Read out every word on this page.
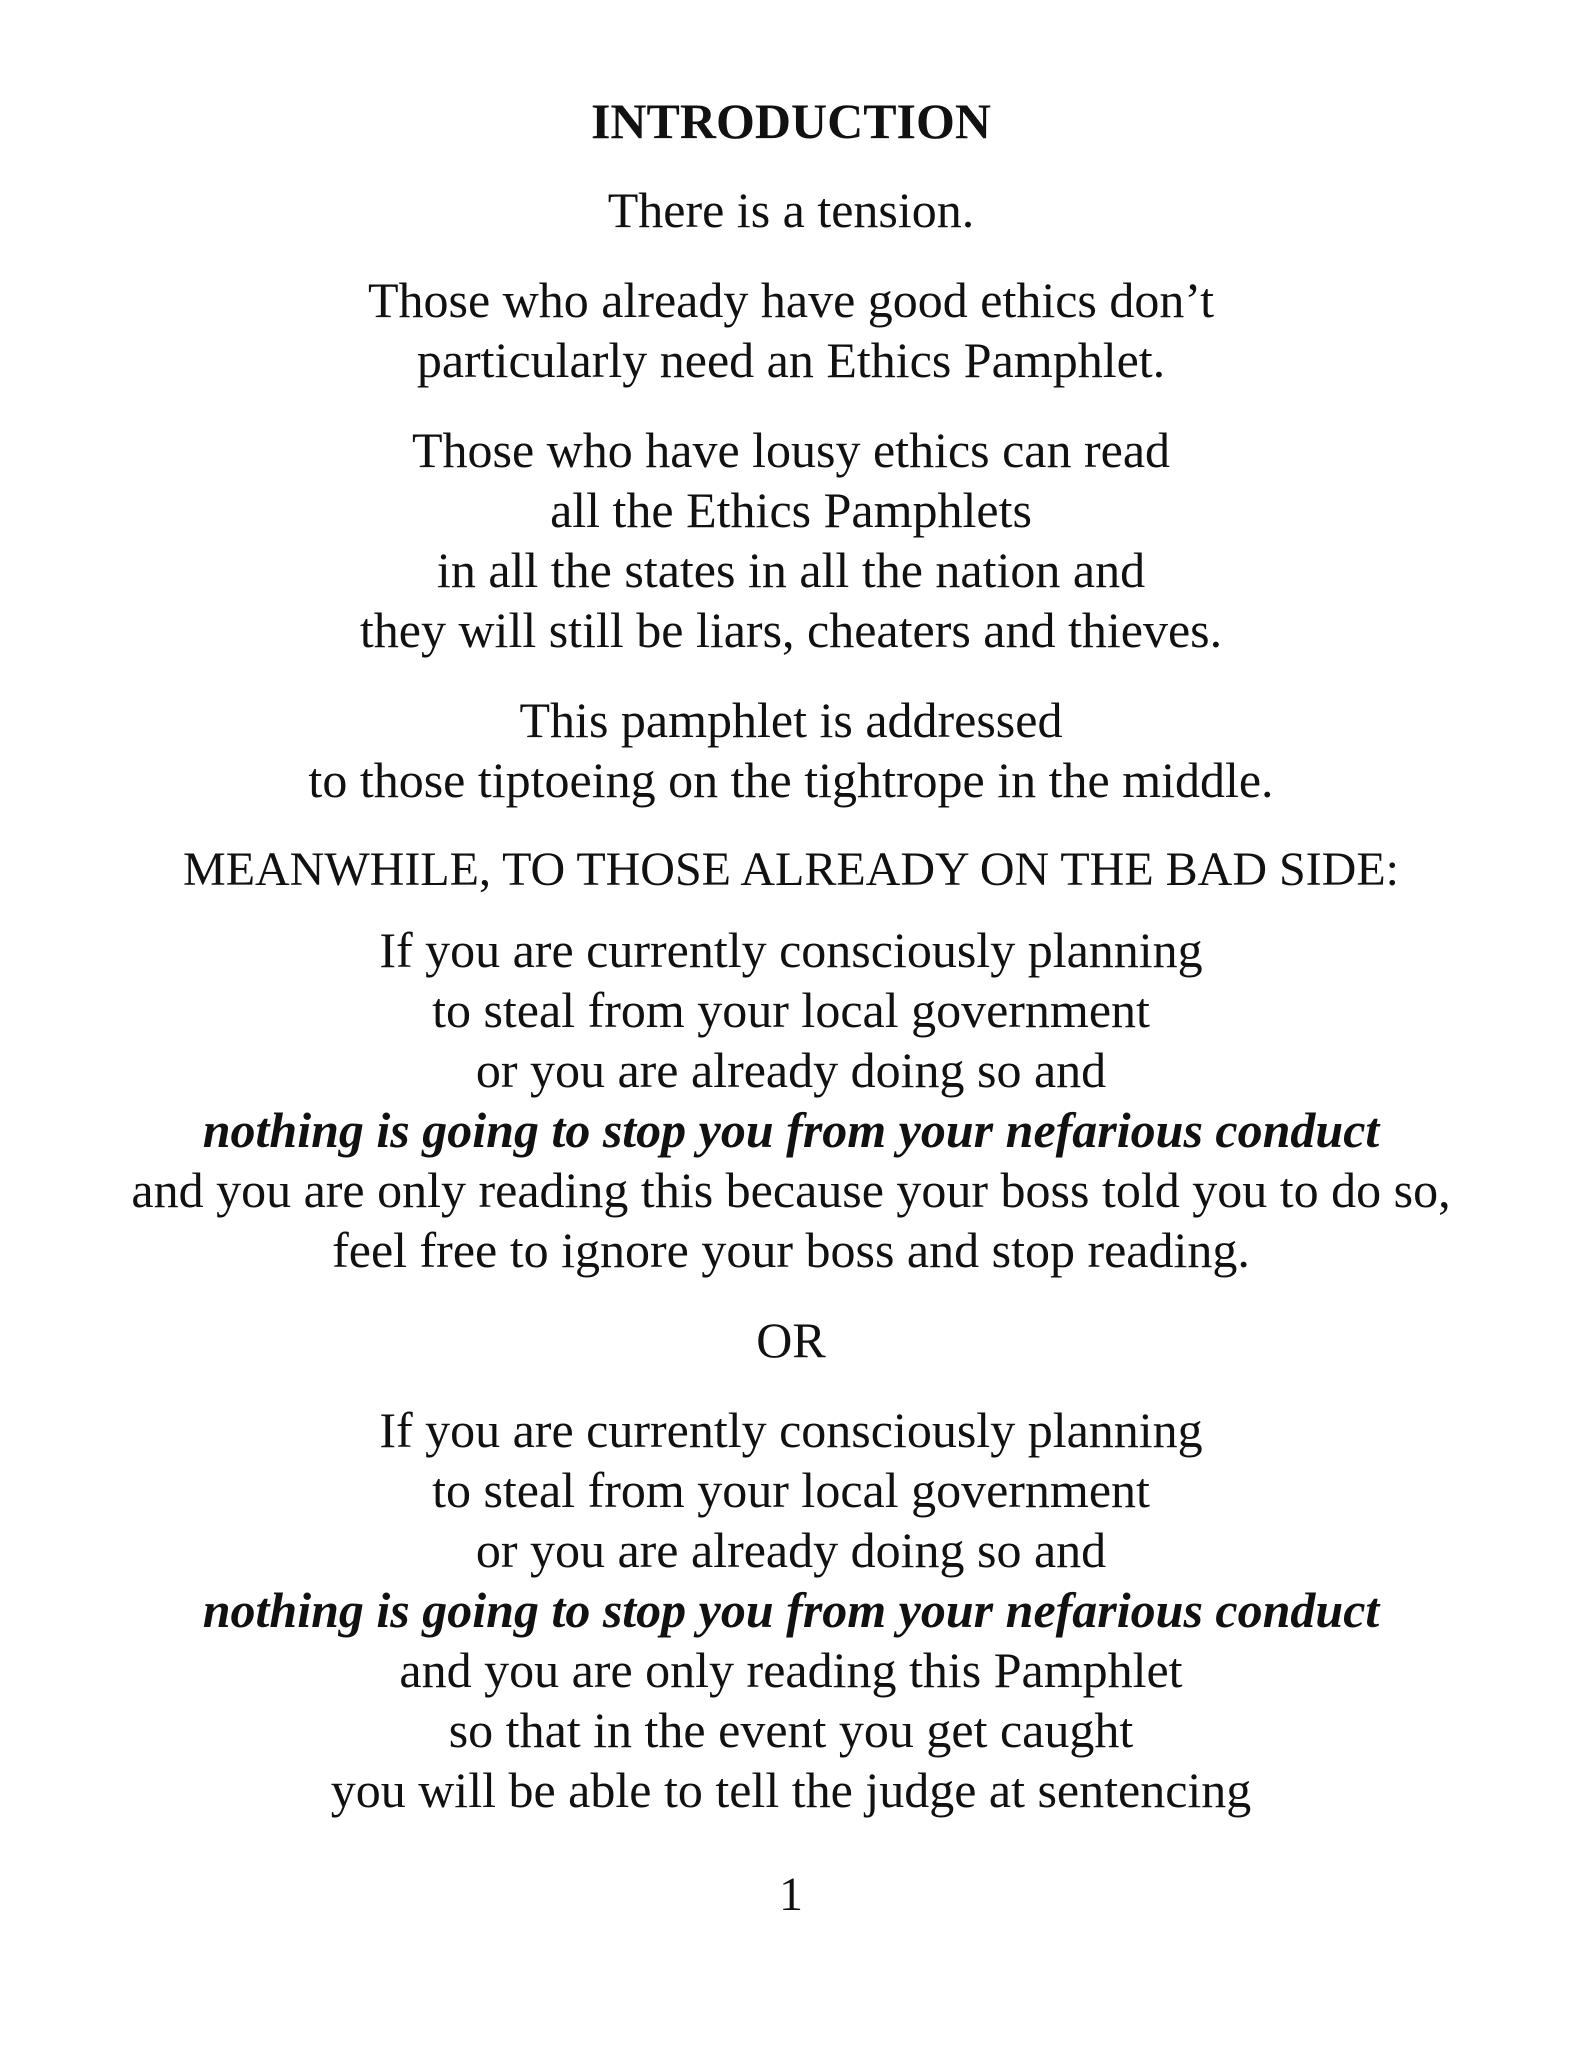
INTRODUCTION

There is a tension.

Those who already have good ethics don’t
particularly need an Ethics Pamphlet.

Those who have lousy ethics can read
all the Ethics Pamphlets
in all the states in all the nation and
they will still be liars, cheaters and thieves.

This pamphlet is addressed
to those tiptoeing on the tightrope in the middle.

MEANWHILE, TO THOSE ALREADY ON THE BAD SIDE:

If you are currently consciously planning
to steal from your local government
or you are already doing so and
nothing is going to stop you from your nefarious conduct
and you are only reading this because your boss told you to do so,
feel free to ignore your boss and stop reading.

OR

If you are currently consciously planning
to steal from your local government
or you are already doing so and
nothing is going to stop you from your nefarious conduct
and you are only reading this Pamphlet
so that in the event you get caught
you will be able to tell the judge at sentencing

1
